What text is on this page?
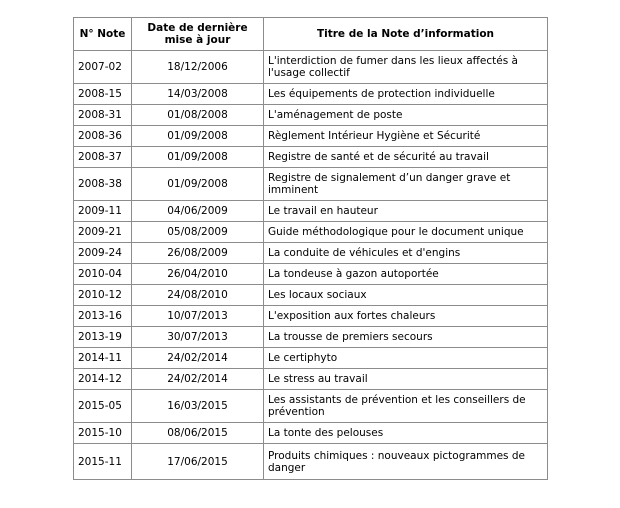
N° Note	Date de dernière mise à jour	Titre de la Note d’information
2007-02	18/12/2006	L'interdiction de fumer dans les lieux affectés à l'usage collectif
2008-15	14/03/2008	Les équipements de protection individuelle
2008-31	01/08/2008	L'aménagement de poste
2008-36	01/09/2008	Règlement Intérieur Hygiène et Sécurité
2008-37	01/09/2008	Registre de santé et de sécurité au travail
2008-38	01/09/2008	Registre de signalement d’un danger grave et imminent
2009-11	04/06/2009	Le travail en hauteur
2009-21	05/08/2009	Guide méthodologique pour le document unique
2009-24	26/08/2009	La conduite de véhicules et d'engins
2010-04	26/04/2010	La tondeuse à gazon autoportée
2010-12	24/08/2010	Les locaux sociaux
2013-16	10/07/2013	L'exposition aux fortes chaleurs
2013-19	30/07/2013	La trousse de premiers secours
2014-11	24/02/2014	Le certiphyto
2014-12	24/02/2014	Le stress au travail
2015-05	16/03/2015	Les assistants de prévention et les conseillers de prévention
2015-10	08/06/2015	La tonte des pelouses
2015-11	17/06/2015	Produits chimiques : nouveaux pictogrammes de danger
